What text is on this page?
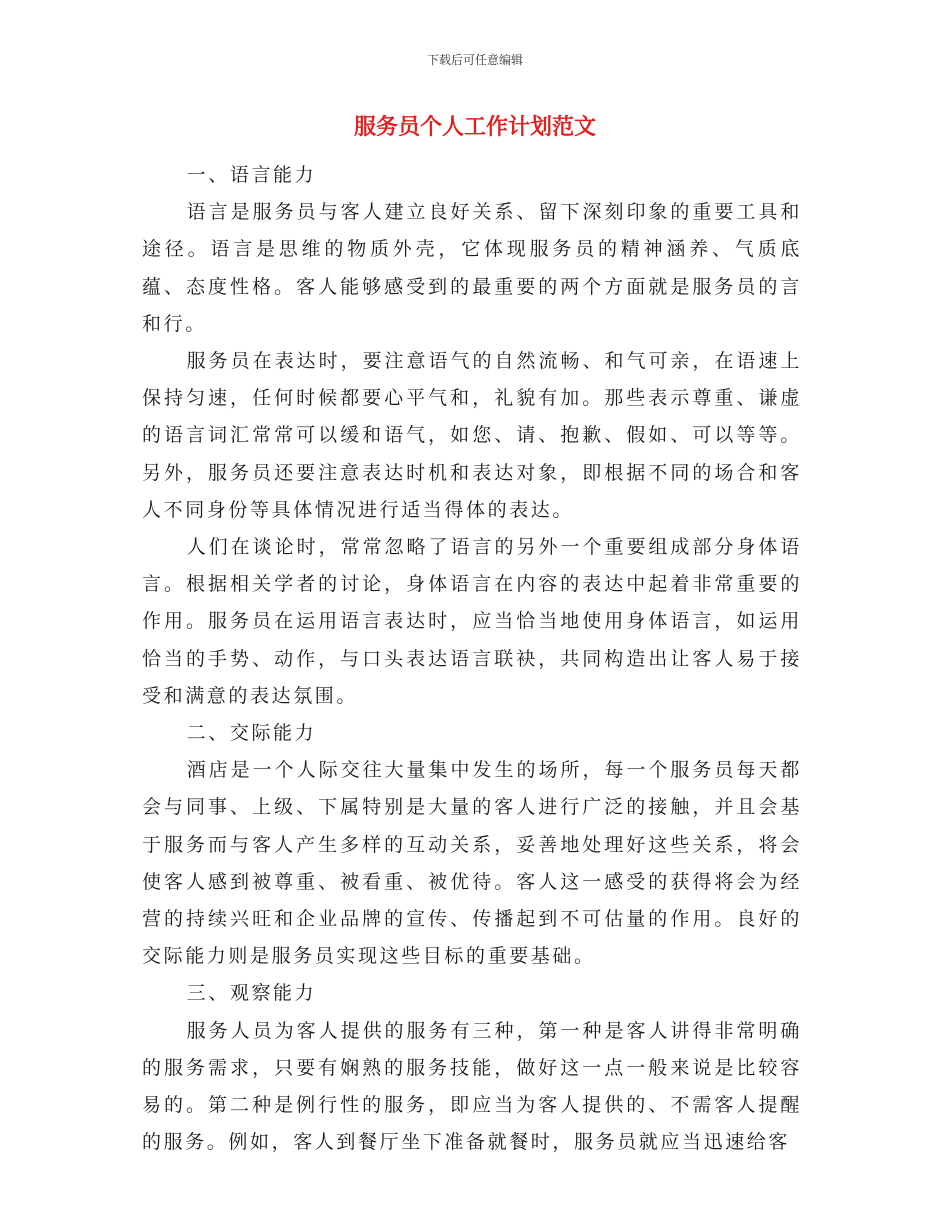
下载后可任意编辑
服务员个人工作计划范文

一、语言能力

语言是服务员与客人建立良好关系、留下深刻印象的重要工具和途径。语言是思维的物质外壳，它体现服务员的精神涵养、气质底蕴、态度性格。客人能够感受到的最重要的两个方面就是服务员的言和行。

服务员在表达时，要注意语气的自然流畅、和气可亲，在语速上保持匀速，任何时候都要心平气和，礼貌有加。那些表示尊重、谦虚的语言词汇常常可以缓和语气，如您、请、抱歉、假如、可以等等。另外，服务员还要注意表达时机和表达对象，即根据不同的场合和客人不同身份等具体情况进行适当得体的表达。

人们在谈论时，常常忽略了语言的另外一个重要组成部分身体语言。根据相关学者的讨论，身体语言在内容的表达中起着非常重要的作用。服务员在运用语言表达时，应当恰当地使用身体语言，如运用恰当的手势、动作，与口头表达语言联袂，共同构造出让客人易于接受和满意的表达氛围。

二、交际能力

酒店是一个人际交往大量集中发生的场所，每一个服务员每天都会与同事、上级、下属特别是大量的客人进行广泛的接触，并且会基于服务而与客人产生多样的互动关系，妥善地处理好这些关系，将会使客人感到被尊重、被看重、被优待。客人这一感受的获得将会为经营的持续兴旺和企业品牌的宣传、传播起到不可估量的作用。良好的交际能力则是服务员实现这些目标的重要基础。

三、观察能力

服务人员为客人提供的服务有三种，第一种是客人讲得非常明确的服务需求，只要有娴熟的服务技能，做好这一点一般来说是比较容易的。第二种是例行性的服务，即应当为客人提供的、不需客人提醒的服务。例如，客人到餐厅坐下准备就餐时，服务员就应当迅速给客
